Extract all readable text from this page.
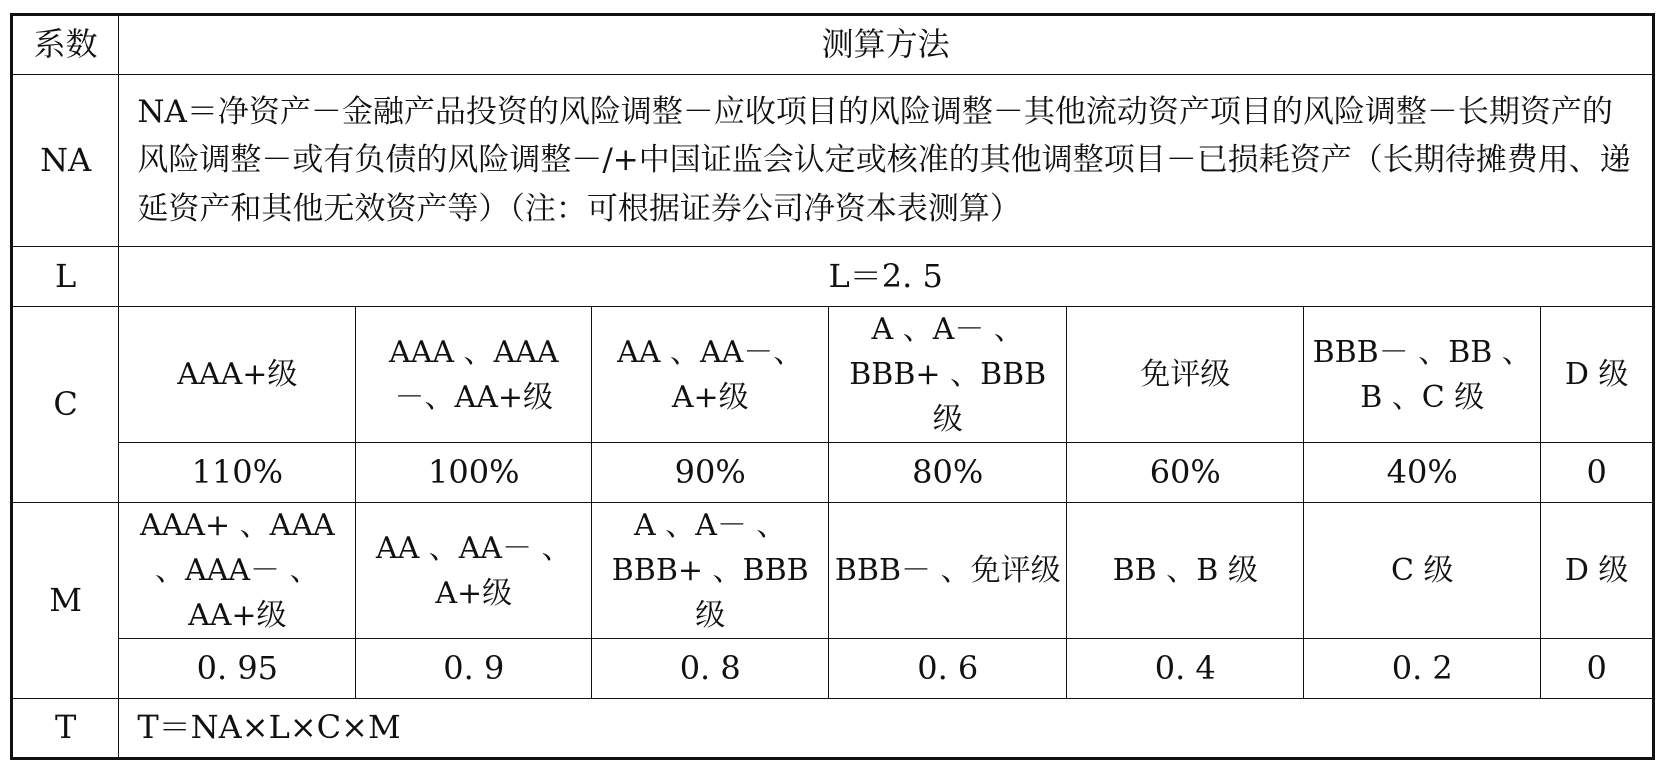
系数	测算方法						
NA	NA＝净资产－金融产品投资的风险调整－应收项目的风险调整－其他流动资产项目的风险调整－长期资产的风险调整－或有负债的风险调整－/+中国证监会认定或核准的其他调整项目－已损耗资产（长期待摊费用、递延资产和其他无效资产等）（注：可根据证券公司净资本表测算）						
L	L＝2. 5						
C	AAA+级	AAA 、AAA－、AA+级	AA 、AA－、A+级	A 、A－ 、BBB+ 、BBB 级	免评级	BBB－ 、BB 、B 、C 级	D 级
	110%	100%	90%	80%	60%	40%	0
M	AAA+ 、AAA 、AAA－ 、AA+级	AA 、AA－ 、A+级	A 、A－ 、BBB+ 、BBB 级	BBB－ 、免评级	BB 、B 级	C 级	D 级
	0. 95	0. 9	0. 8	0. 6	0. 4	0. 2	0
T	T＝NA×L×C×M						
